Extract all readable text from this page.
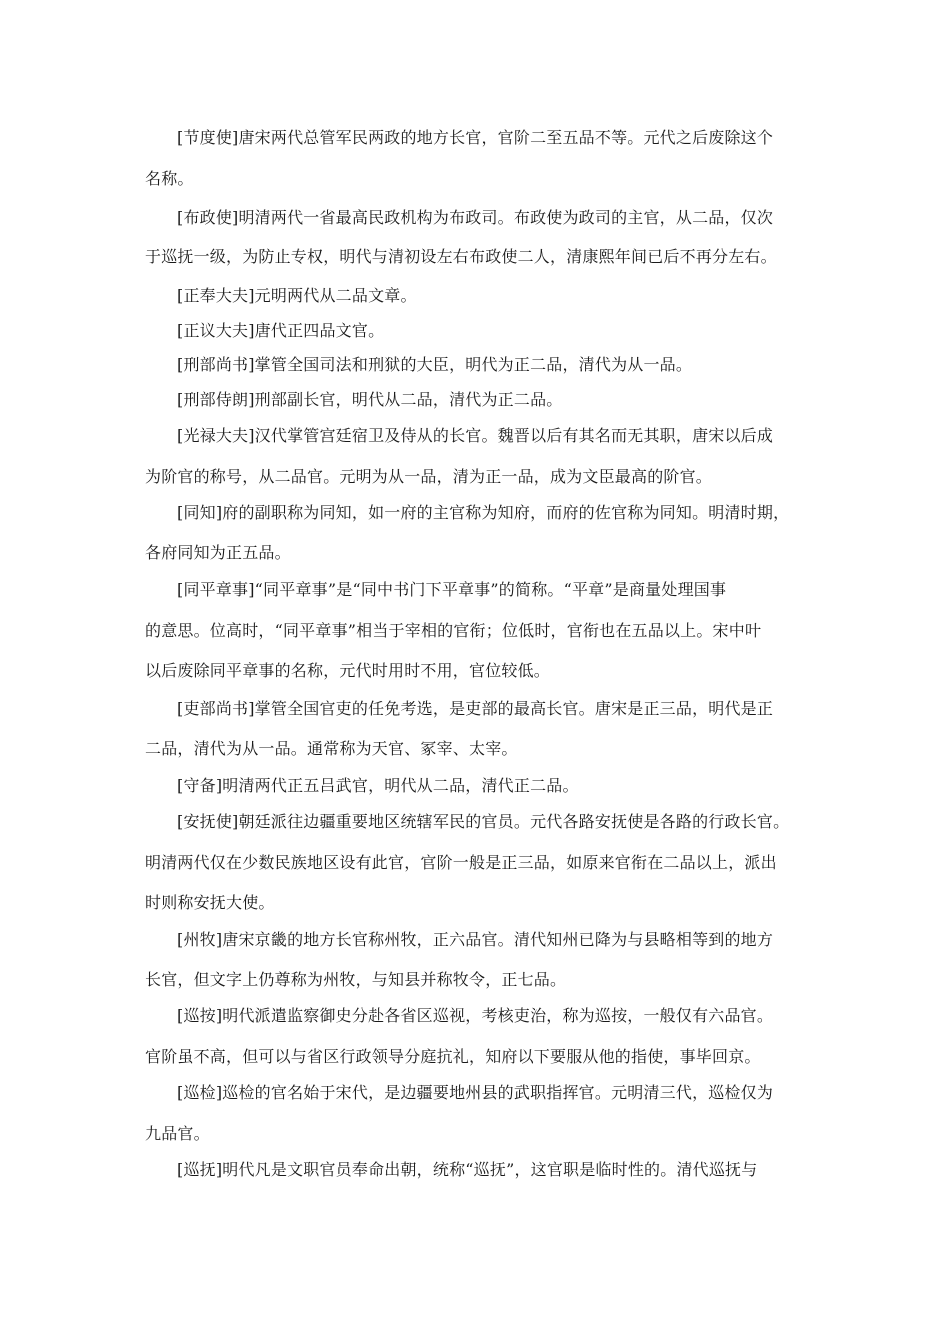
[节度使]唐宋两代总管军民两政的地方长官，官阶二至五品不等。元代之后废除这个
名称。
[布政使]明清两代一省最高民政机构为布政司。布政使为政司的主官，从二品，仅次
于巡抚一级，为防止专权，明代与清初设左右布政使二人，清康熙年间已后不再分左右。
[正奉大夫]元明两代从二品文章。
[正议大夫]唐代正四品文官。
[刑部尚书]掌管全国司法和刑狱的大臣，明代为正二品，清代为从一品。
[刑部侍朗]刑部副长官，明代从二品，清代为正二品。
[光禄大夫]汉代掌管宫廷宿卫及侍从的长官。魏晋以后有其名而无其职，唐宋以后成
为阶官的称号，从二品官。元明为从一品，清为正一品，成为文臣最高的阶官。
[同知]府的副职称为同知，如一府的主官称为知府，而府的佐官称为同知。明清时期，
各府同知为正五品。
[同平章事]“同平章事”是“同中书门下平章事”的简称。“平章”是商量处理国事
的意思。位高时，“同平章事”相当于宰相的官衔；位低时，官衔也在五品以上。宋中叶
以后废除同平章事的名称，元代时用时不用，官位较低。
[吏部尚书]掌管全国官吏的任免考选，是吏部的最高长官。唐宋是正三品，明代是正
二品，清代为从一品。通常称为天官、冢宰、太宰。
[守备]明清两代正五吕武官，明代从二品，清代正二品。
[安抚使]朝廷派往边疆重要地区统辖军民的官员。元代各路安抚使是各路的行政长官。
明清两代仅在少数民族地区设有此官，官阶一般是正三品，如原来官衔在二品以上，派出
时则称安抚大使。
[州牧]唐宋京畿的地方长官称州牧，正六品官。清代知州已降为与县略相等到的地方
长官，但文字上仍尊称为州牧，与知县并称牧令，正七品。
[巡按]明代派遣监察御史分赴各省区巡视，考核吏治，称为巡按，一般仅有六品官。
官阶虽不高，但可以与省区行政领导分庭抗礼，知府以下要服从他的指使，事毕回京。
[巡检]巡检的官名始于宋代，是边疆要地州县的武职指挥官。元明清三代，巡检仅为
九品官。
[巡抚]明代凡是文职官员奉命出朝，统称“巡抚”，这官职是临时性的。清代巡抚与
